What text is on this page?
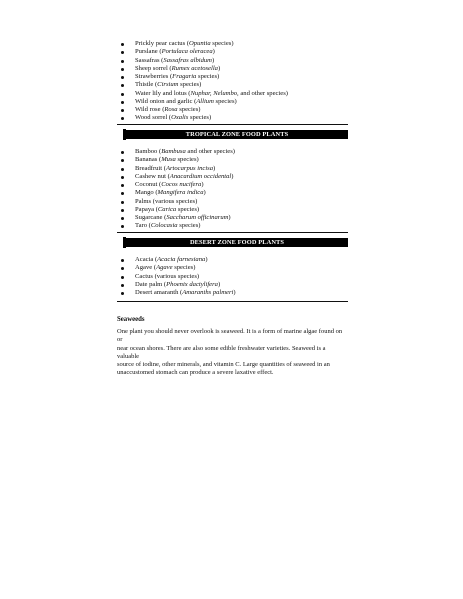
Prickly pear cactus (Opuntia species)
Purslane (Portulaca oleracea)
Sassafras (Sassafras albidum)
Sheep sorrel (Rumex acetosella)
Strawberries (Fragaria species)
Thistle (Cirsium species)
Water lily and lotus (Nuphar, Nelumbo, and other species)
Wild onion and garlic (Allium species)
Wild rose (Rosa species)
Wood sorrel (Oxalis species)
TROPICAL ZONE FOOD PLANTS
Bamboo (Bambusa and other species)
Bananas (Musa species)
Breadfruit (Artocarpus incisa)
Cashew nut (Anacardium occidental)
Coconut (Cocos nucifera)
Mango (Mangifera indica)
Palms (various species)
Papaya (Carica species)
Sugarcane (Saccharum officinarum)
Taro (Colocasia species)
DESERT ZONE FOOD PLANTS
Acacia (Acacia farnesiana)
Agave (Agave species)
Cactus (various species)
Date palm (Phoenix dactylifera)
Desert amaranth (Amaranths palmeri)
Seaweeds

One plant you should never overlook is seaweed. It is a form of marine algae found on or
near ocean shores. There are also some edible freshwater varieties. Seaweed is a valuable
source of iodine, other minerals, and vitamin C. Large quantities of seaweed in an
unaccustomed stomach can produce a severe laxative effect.
